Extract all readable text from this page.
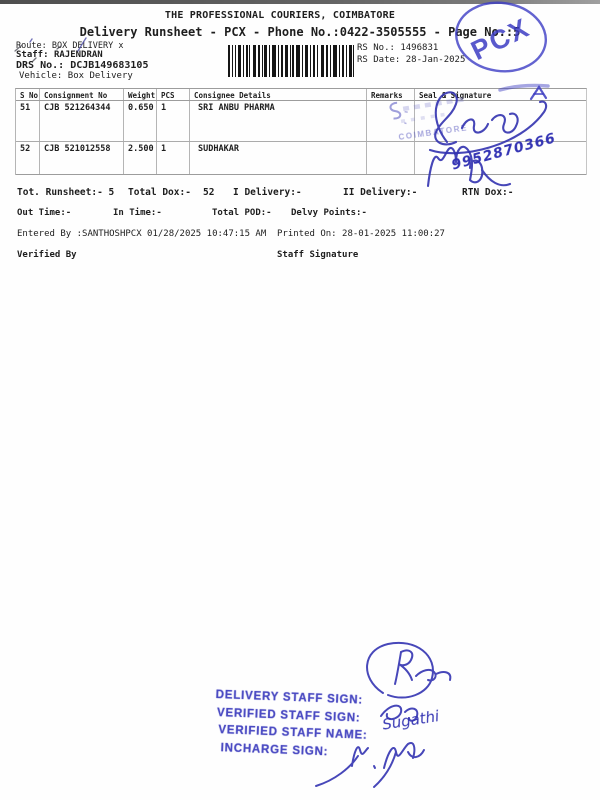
THE PROFESSIONAL COURIERS, COIMBATORE
Delivery Runsheet - PCX - Phone No.:0422-3505555 - Page No.:5
Route: BOX DELIVERY x
Staff: RAJENDRAN
DRS No.: DCJB149683105
Vehicle: Box Delivery
RS No.: 1496831
RS Date: 28-Jan-2025 PCX
S No Consignment No	Weight PCS	Consignee Details	Remarks	Seal & Signature
51	CJB 521264344	0.650 1	SRI ANBU PHARMA
52	CJB 521012558	2.500 1	SUDHAKAR
COIMBATORE
9952870366
Tot. Runsheet:- 5 Total Dox:- 52 I Delivery:-	II Delivery:-	RTN Dox:-
Out Time:-	In Time:-	Total POD:- Delvy Points:-
Entered By :SANTHOSHPCX 01/28/2025 10:47:15 AM Printed On: 28-01-2025 11:00:27
Verified By	Staff Signature
DELIVERY STAFF SIGN:
VERIFIED STAFF SIGN:
VERIFIED STAFF NAME:
INCHARGE SIGN:
Sugathi
